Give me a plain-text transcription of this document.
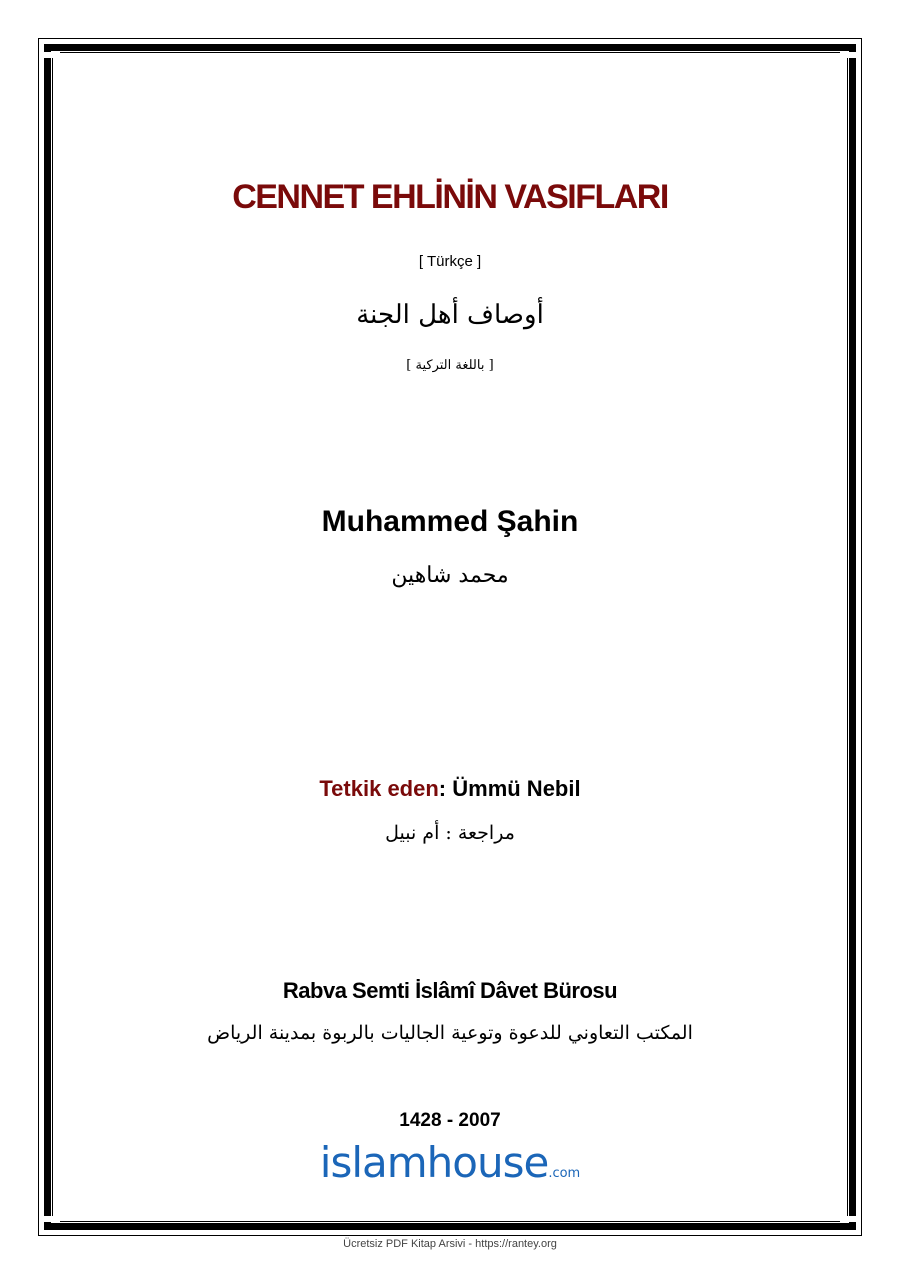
CENNET EHLİNİN VASIFLARI
[ Türkçe ]
أوصاف أهل الجنة
[ باللغة التركية ]
Muhammed Şahin
محمد شاهين
Tetkik eden: Ümmü Nebil
مراجعة : أم نبيل
Rabva Semti İslâmî Dâvet Bürosu
المكتب التعاوني للدعوة وتوعية الجاليات بالربوة بمدينة الرياض
1428 - 2007
islamhouse.com
Ücretsiz PDF Kitap Arsivi - https://rantey.org
